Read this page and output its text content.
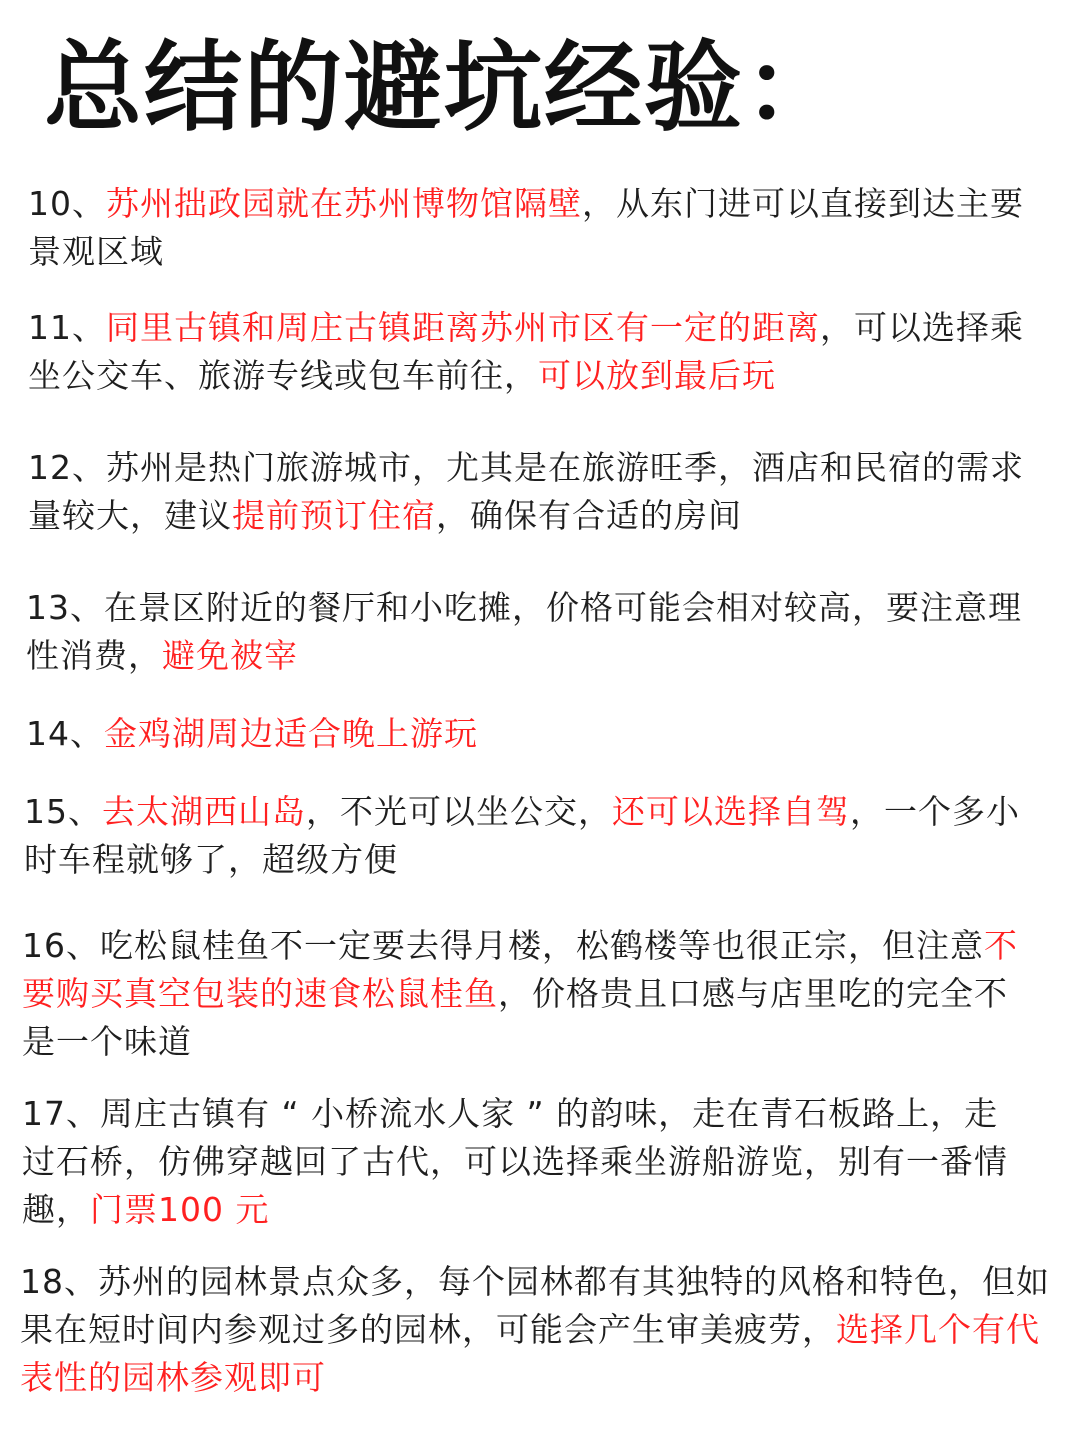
总结的避坑经验：

10、苏州拙政园就在苏州博物馆隔壁，从东门进可以直接到达主要景观区域

11、同里古镇和周庄古镇距离苏州市区有一定的距离，可以选择乘坐公交车、旅游专线或包车前往，可以放到最后玩

12、苏州是热门旅游城市，尤其是在旅游旺季，酒店和民宿的需求量较大，建议提前预订住宿，确保有合适的房间

13、在景区附近的餐厅和小吃摊，价格可能会相对较高，要注意理性消费，避免被宰

14、金鸡湖周边适合晚上游玩

15、去太湖西山岛，不光可以坐公交，还可以选择自驾，一个多小时车程就够了，超级方便

16、吃松鼠桂鱼不一定要去得月楼，松鹤楼等也很正宗，但注意不要购买真空包装的速食松鼠桂鱼，价格贵且口感与店里吃的完全不是一个味道

17、周庄古镇有 “ 小桥流水人家 ” 的韵味，走在青石板路上，走过石桥，仿佛穿越回了古代，可以选择乘坐游船游览，别有一番情趣，门票100 元

18、苏州的园林景点众多，每个园林都有其独特的风格和特色，但如果在短时间内参观过多的园林，可能会产生审美疲劳，选择几个有代表性的园林参观即可
